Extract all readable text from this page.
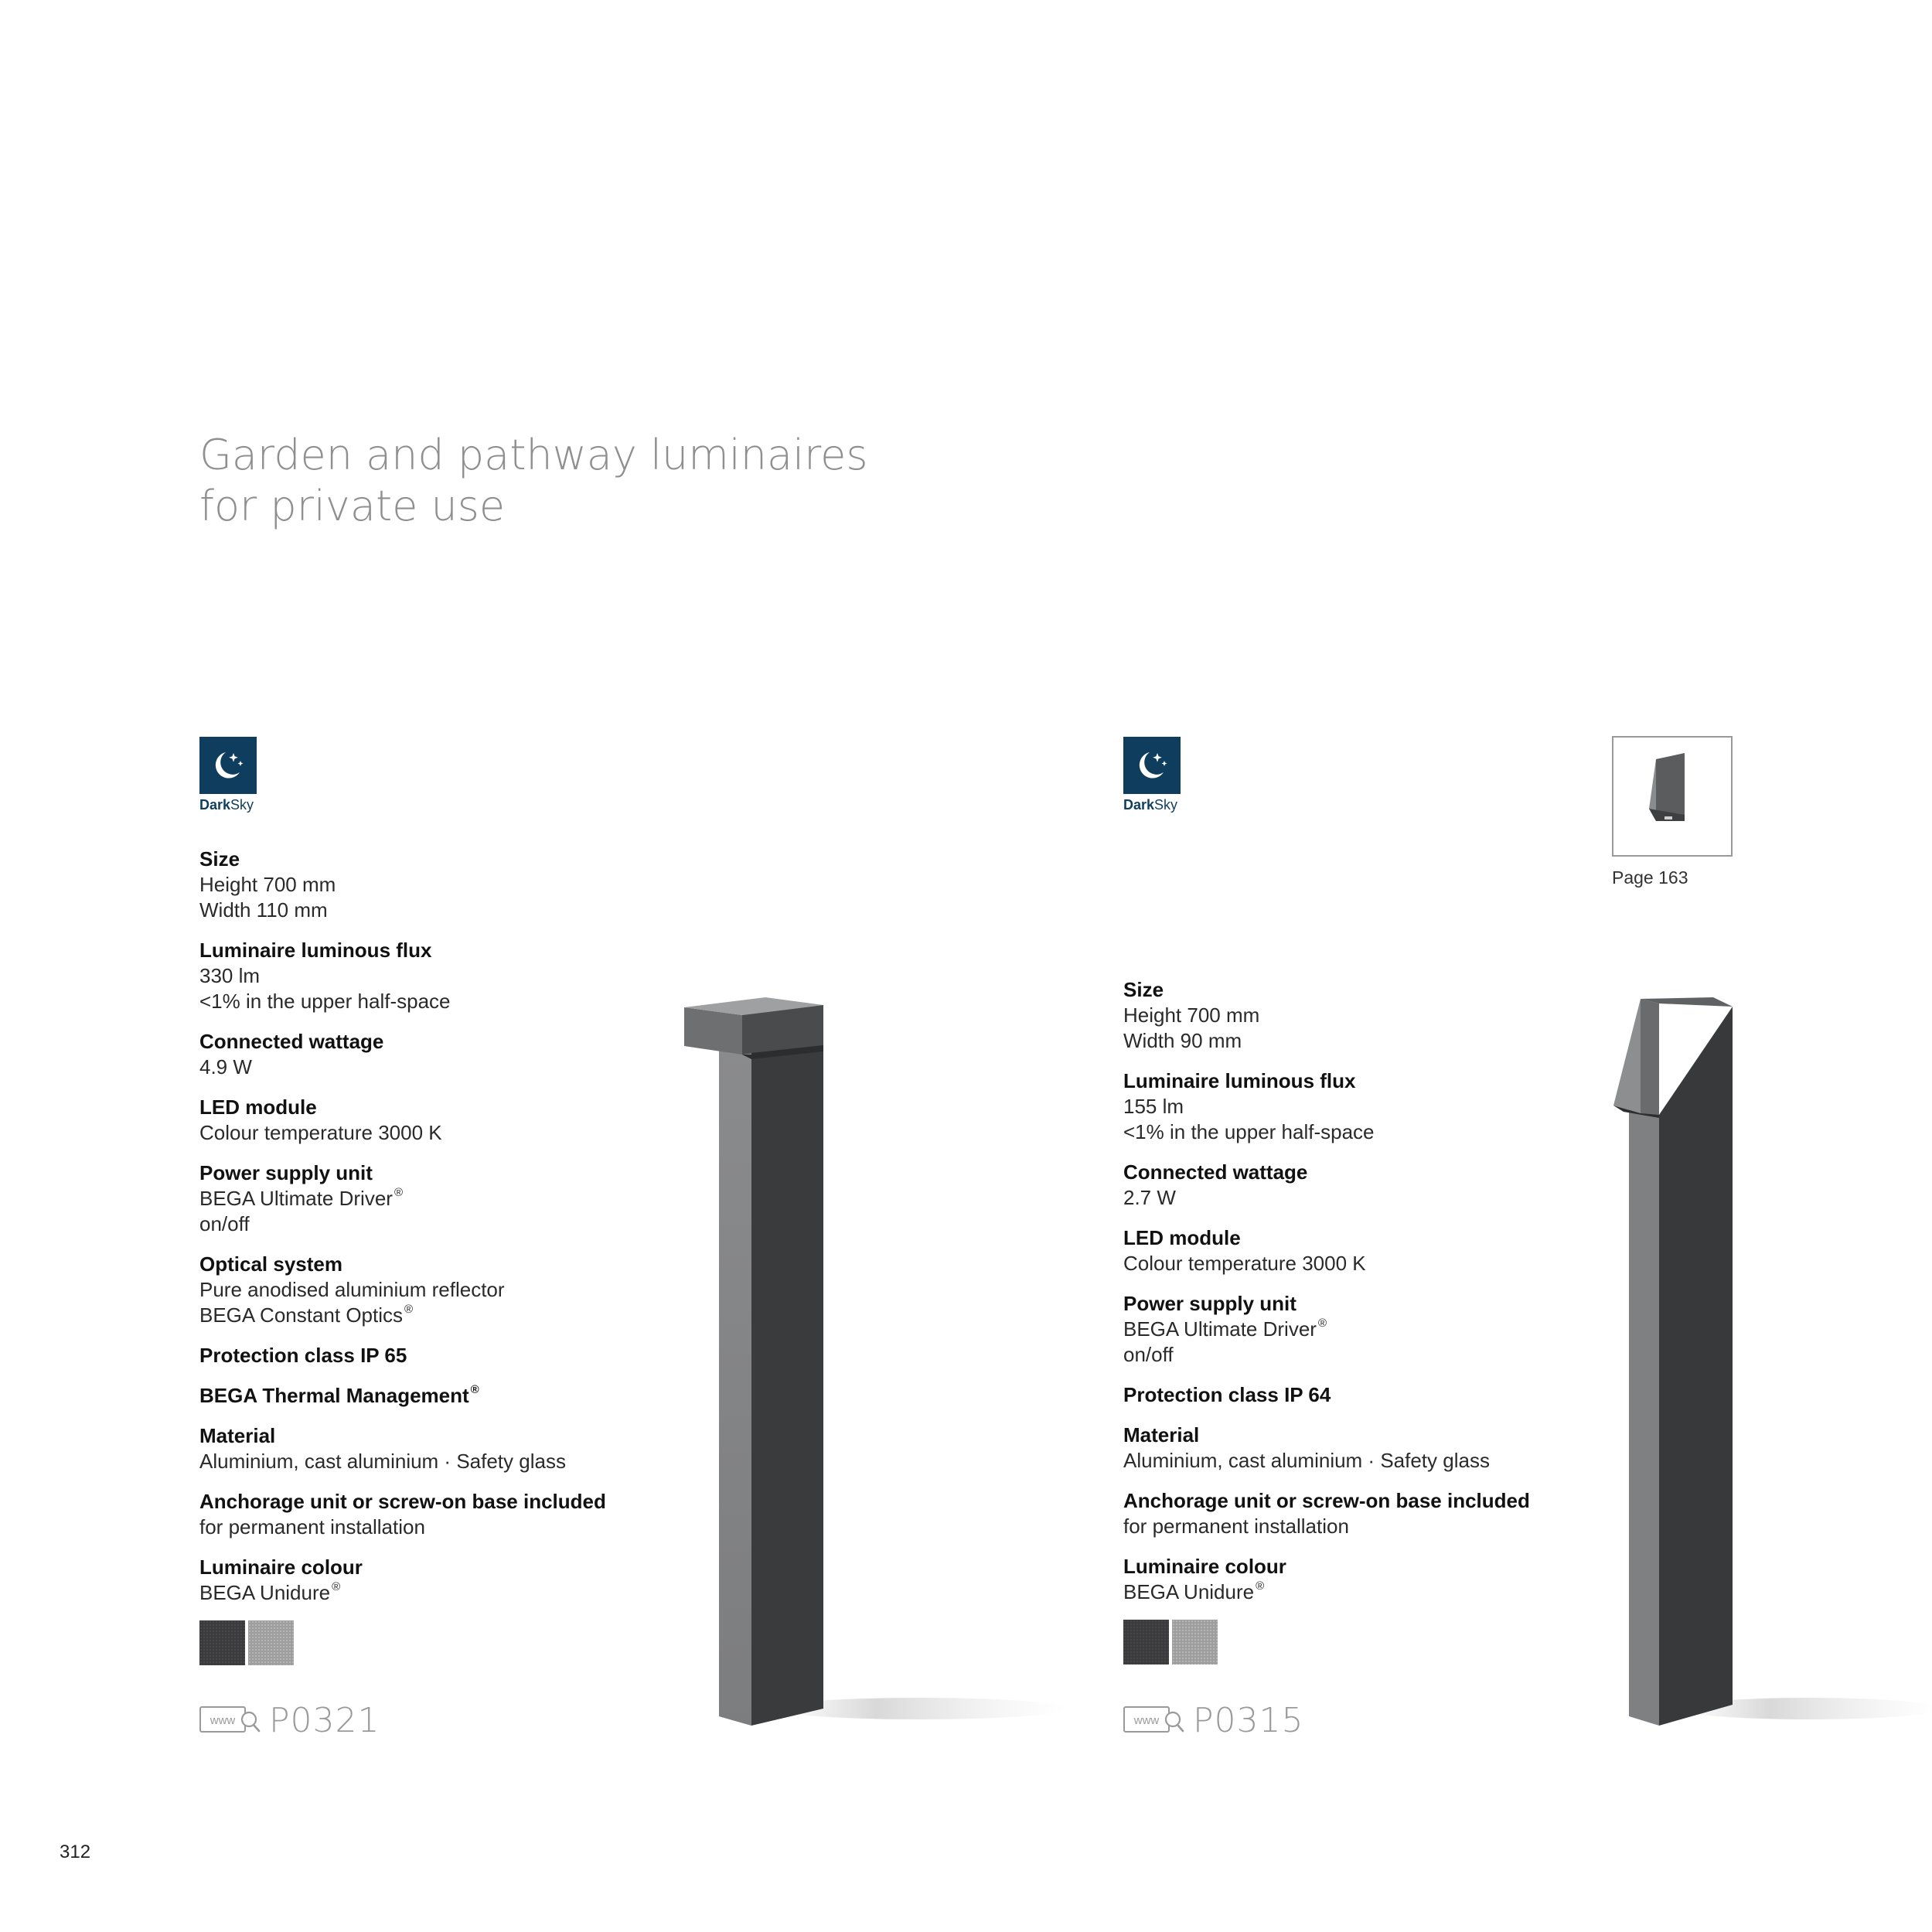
Garden and pathway luminaires
for private use
DarkSky
Size
Height 700 mm
Width 110 mm
Luminaire luminous flux
330 lm
<1% in the upper half-space
Connected wattage
4.9 W
LED module
Colour temperature 3000 K
Power supply unit
BEGA Ultimate Driver ®
on/off
Optical system
Pure anodised aluminium reflector
BEGA Constant Optics ®
Protection class IP 65
BEGA Thermal Management ®
Material
Aluminium, cast aluminium · Safety glass
Anchorage unit or screw-on base included
for permanent installation
Luminaire colour
BEGA Unidure ®
www P0321
DarkSky
Page 163
Size
Height 700 mm
Width 90 mm
Luminaire luminous flux
155 lm
<1% in the upper half-space
Connected wattage
2.7 W
LED module
Colour temperature 3000 K
Power supply unit
BEGA Ultimate Driver ®
on/off
Protection class IP 64
Material
Aluminium, cast aluminium · Safety glass
Anchorage unit or screw-on base included
for permanent installation
Luminaire colour
BEGA Unidure ®
www P0315
312
